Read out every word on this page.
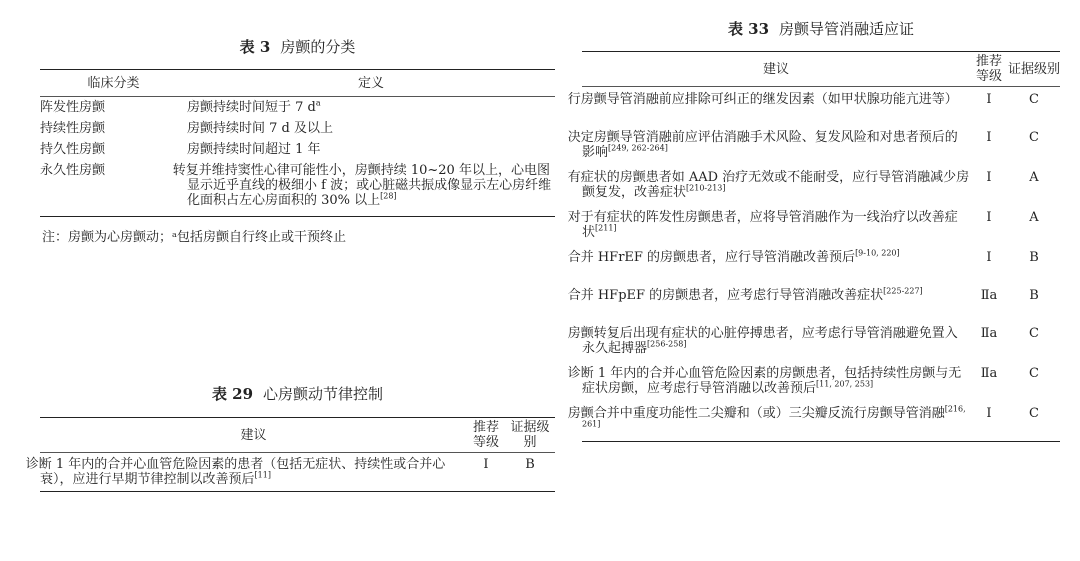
表 3 房颤的分类

临床分类	定义
阵发性房颤	房颤持续时间短于 7 $d^a$
持续性房颤	房颤持续时间 7 d 及以上
持久性房颤	房颤持续时间超过 1 年
永久性房颤	转复并维持窦性心律可能性小，房颤持续 10~20 年以上，心电图显示近乎直线的极细小 f 波；或心脏磁共振成像显示左心房纤维化面积占左心房面积的 30% 以上[28]
注：房颤为心房颤动；ᵃ包括房颤自行终止或干预终止

表 29 心房颤动节律控制

建议	推荐等级	证据级别
诊断 1 年内的合并心血管危险因素的患者（包括无症状、持续性或合并心衰），应进行早期节律控制以改善预后[11]	Ⅰ	B

表 33 房颤导管消融适应证

建议	推荐等级	证据级别
行房颤导管消融前应排除可纠正的继发因素（如甲状腺功能亢进等）	Ⅰ	C
决定房颤导管消融前应评估消融手术风险、复发风险和对患者预后的影响[249, 262-264]	Ⅰ	C
有症状的房颤患者如 AAD 治疗无效或不能耐受，应行导管消融减少房颤复发，改善症状[210-213]	Ⅰ	A
对于有症状的阵发性房颤患者，应将导管消融作为一线治疗以改善症状[211]	Ⅰ	A
合并 HFrEF 的房颤患者，应行导管消融改善预后[9-10, 220]	Ⅰ	B
合并 HFpEF 的房颤患者，应考虑行导管消融改善症状[225-227]	Ⅱa	B
房颤转复后出现有症状的心脏停搏患者，应考虑行导管消融避免置入永久起搏器[256-258]	Ⅱa	C
诊断 1 年内的合并心血管危险因素的房颤患者，包括持续性房颤与无症状房颤，应考虑行导管消融以改善预后[11, 207, 253]	Ⅱa	C
房颤合并中重度功能性二尖瓣和（或）三尖瓣反流行房颤导管消融[216, 261]	Ⅰ	C
